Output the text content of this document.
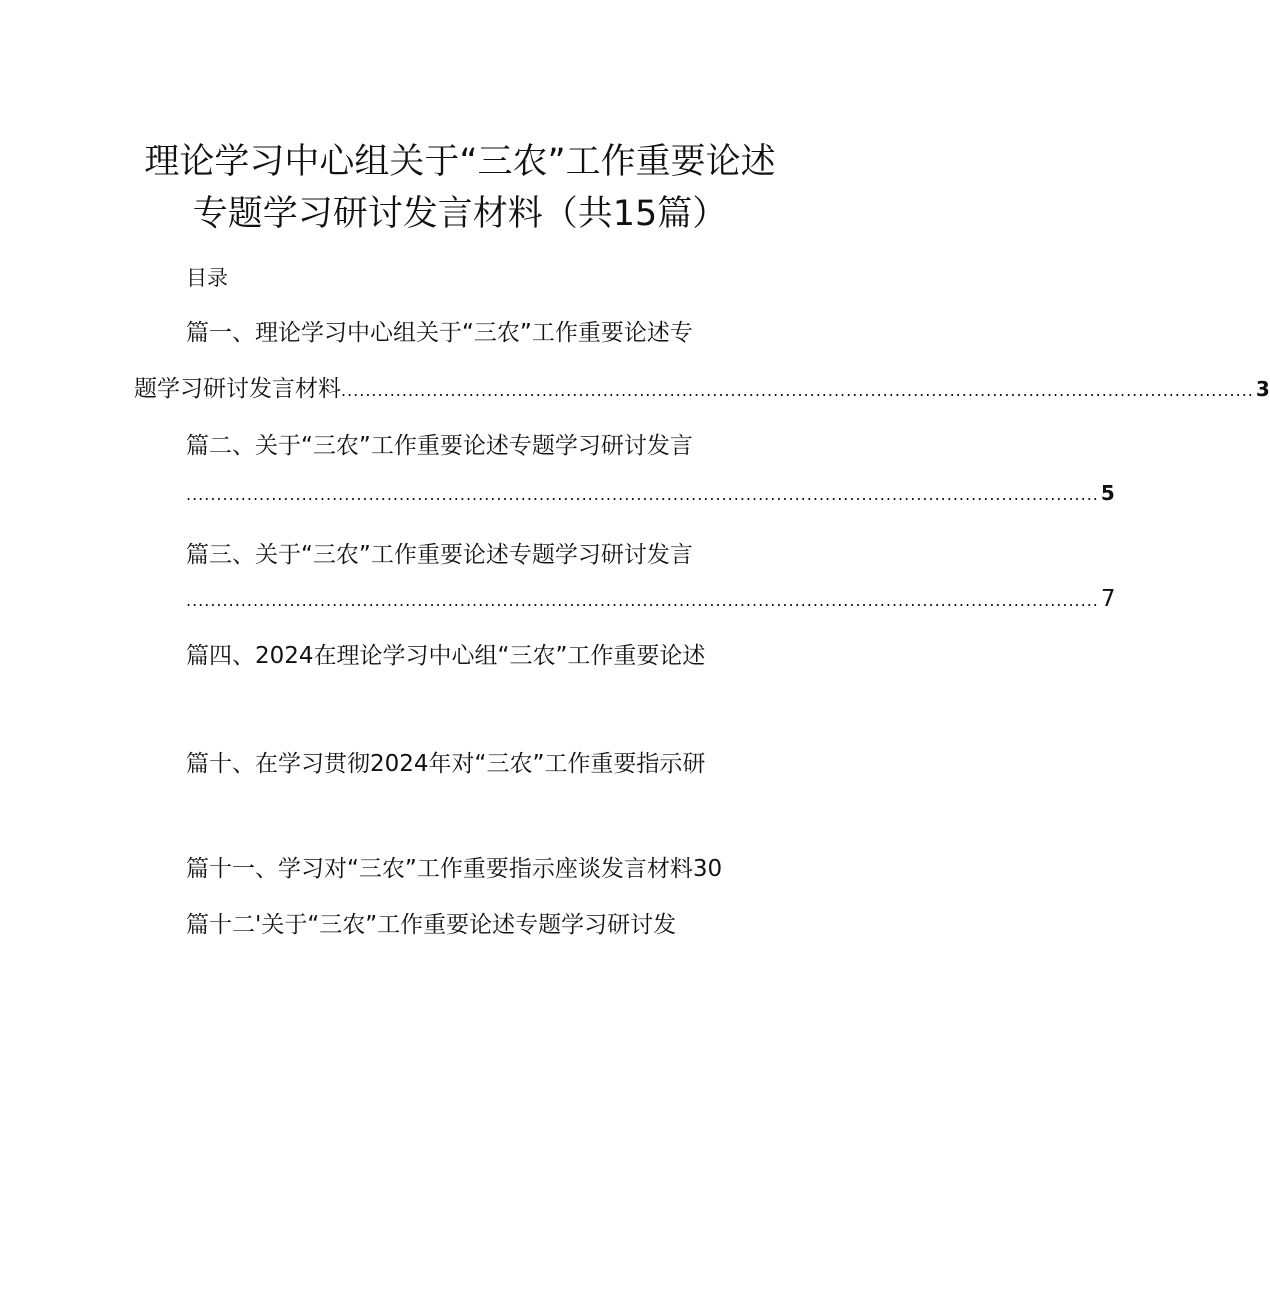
理论学习中心组关于“三农”工作重要论述
专题学习研讨发言材料（共15篇）
目录
篇一、理论学习中心组关于“三农”工作重要论述专
题学习研讨发言材料 ...................................................................................................................................................... 3
篇二、关于“三农”工作重要论述专题学习研讨发言
...................................................................................................................................................... 5
篇三、关于“三农”工作重要论述专题学习研讨发言
...................................................................................................................................................... 7
篇四、2024在理论学习中心组“三农”工作重要论述
篇十、在学习贯彻2024年对“三农”工作重要指示研
篇十一、学习对“三农”工作重要指示座谈发言材料30
篇十二'关于“三农”工作重要论述专题学习研讨发
